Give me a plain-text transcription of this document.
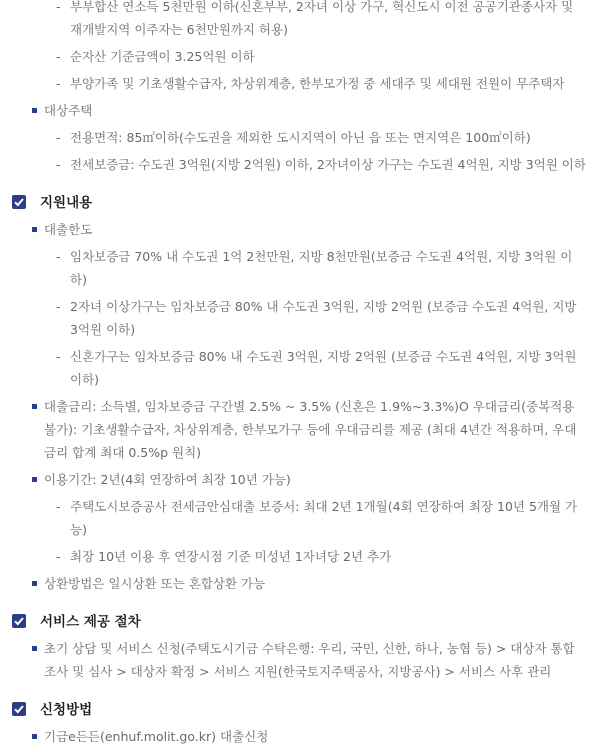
- 부부합산 연소득 5천만원 이하(신혼부부, 2자녀 이상 가구, 혁신도시 이전 공공기관종사자 및 재개발지역 이주자는 6천만원까지 허용)
- 순자산 기준금액이 3.25억원 이하
- 부양가족 및 기초생활수급자, 차상위계층, 한부모가정 중 세대주 및 세대원 전원이 무주택자
대상주택
- 전용면적: 85㎡이하(수도권을 제외한 도시지역이 아닌 읍 또는 면지역은 100㎡이하)
- 전세보증금: 수도권 3억원(지방 2억원) 이하, 2자녀이상 가구는 수도권 4억원, 지방 3억원 이하
지원내용
대출한도
- 임차보증금 70% 내 수도권 1억 2천만원, 지방 8천만원(보증금 수도권 4억원, 지방 3억원 이하)
- 2자녀 이상가구는 임차보증금 80% 내 수도권 3억원, 지방 2억원 (보증금 수도권 4억원, 지방 3억원 이하)
- 신혼가구는 임차보증금 80% 내 수도권 3억원, 지방 2억원 (보증금 수도권 4억원, 지방 3억원 이하)
대출금리: 소득별, 임차보증금 구간별 2.5% ~ 3.5% (신혼은 1.9%~3.3%)O 우대금리(중복적용 불가): 기초생활수급자, 차상위계층, 한부모가구 등에 우대금리를 제공 (최대 4년간 적용하며, 우대금리 합계 최대 0.5%p 원칙)
이용기간: 2년(4회 연장하여 최장 10년 가능)
- 주택도시보증공사 전세금안심대출 보증서: 최대 2년 1개월(4회 연장하여 최장 10년 5개월 가능)
- 최장 10년 이용 후 연장시점 기준 미성년 1자녀당 2년 추가
상환방법은 일시상환 또는 혼합상환 가능
서비스 제공 절차
초기 상담 및 서비스 신청(주택도시기금 수탁은행: 우리, 국민, 신한, 하나, 농협 등) > 대상자 통합조사 및 심사 > 대상자 확정 > 서비스 지원(한국토지주택공사, 지방공사) > 서비스 사후 관리
신청방법
기금e든든(enhuf.molit.go.kr) 대출신청
